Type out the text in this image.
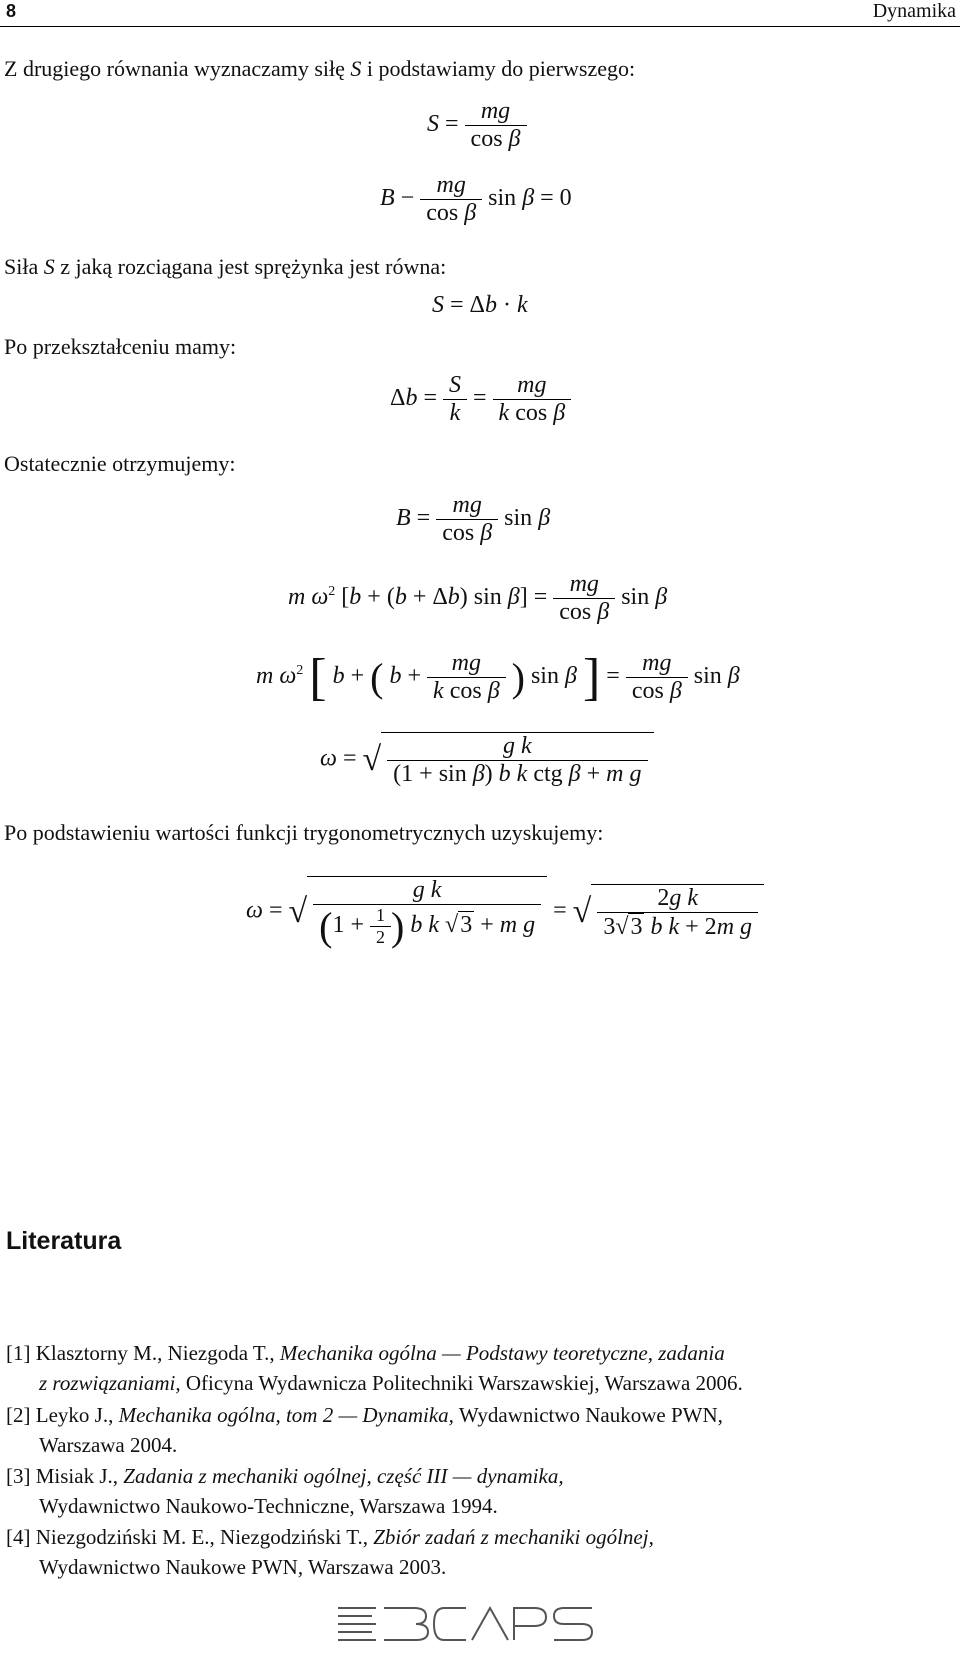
8	Dynamika
Z drugiego równania wyznaczamy siłę S i podstawiamy do pierwszego:
$S = \frac{mg}{\text{cos β}}$
$B - \frac{mg}{\text{cos β}}$ sin β = 0
Siła S z jaką rozciągana jest sprężynka jest równa:
S = Δb · k
Po przekształceniu mamy:
$\Delta b = \frac{S}{k} = \frac{mg}{\text{k cos β}}$
Ostatecznie otrzymujemy:
$B = \frac{mg}{\text{cos β}}$ sin β
m $\omega^2$ [b + (b + Δb) $\sin \beta] = \frac{mg}{\text{cos β}}$ sin β
m $\omega^2$ [ b + ( $b + \frac{mg}{\text{k cos β}}$ ) sin β ] = $\frac{mg}{\text{cos β}}$ sin β
ω = √ $\frac{\text{g k}}{\text{(1 + sin β) b k ctg β + m g}}$
Po podstawieniu wartości funkcji trygonometrycznych uzyskujemy:
ω = √ $\frac{\text{g k}}{(1 + \frac{1}{2} ) b k √3 + m g}$ = √ $\frac{\text{2g k}}{\text{3√3 b k + 2m g}}$
Literatura
[1] Klasztorny M., Niezgoda T., Mechanika ogólna — Podstawy teoretyczne, zadania
z rozwiązaniami, Oficyna Wydawnicza Politechniki Warszawskiej, Warszawa 2006.
[2] Leyko J., Mechanika ogólna, tom 2 — Dynamika, Wydawnictwo Naukowe PWN,
Warszawa 2004.
[3] Misiak J., Zadania z mechaniki ogólnej, część III — dynamika,
Wydawnictwo Naukowo-Techniczne, Warszawa 1994.
[4] Niezgodziński M. E., Niezgodziński T., Zbiór zadań z mechaniki ogólnej,
Wydawnictwo Naukowe PWN, Warszawa 2003.
